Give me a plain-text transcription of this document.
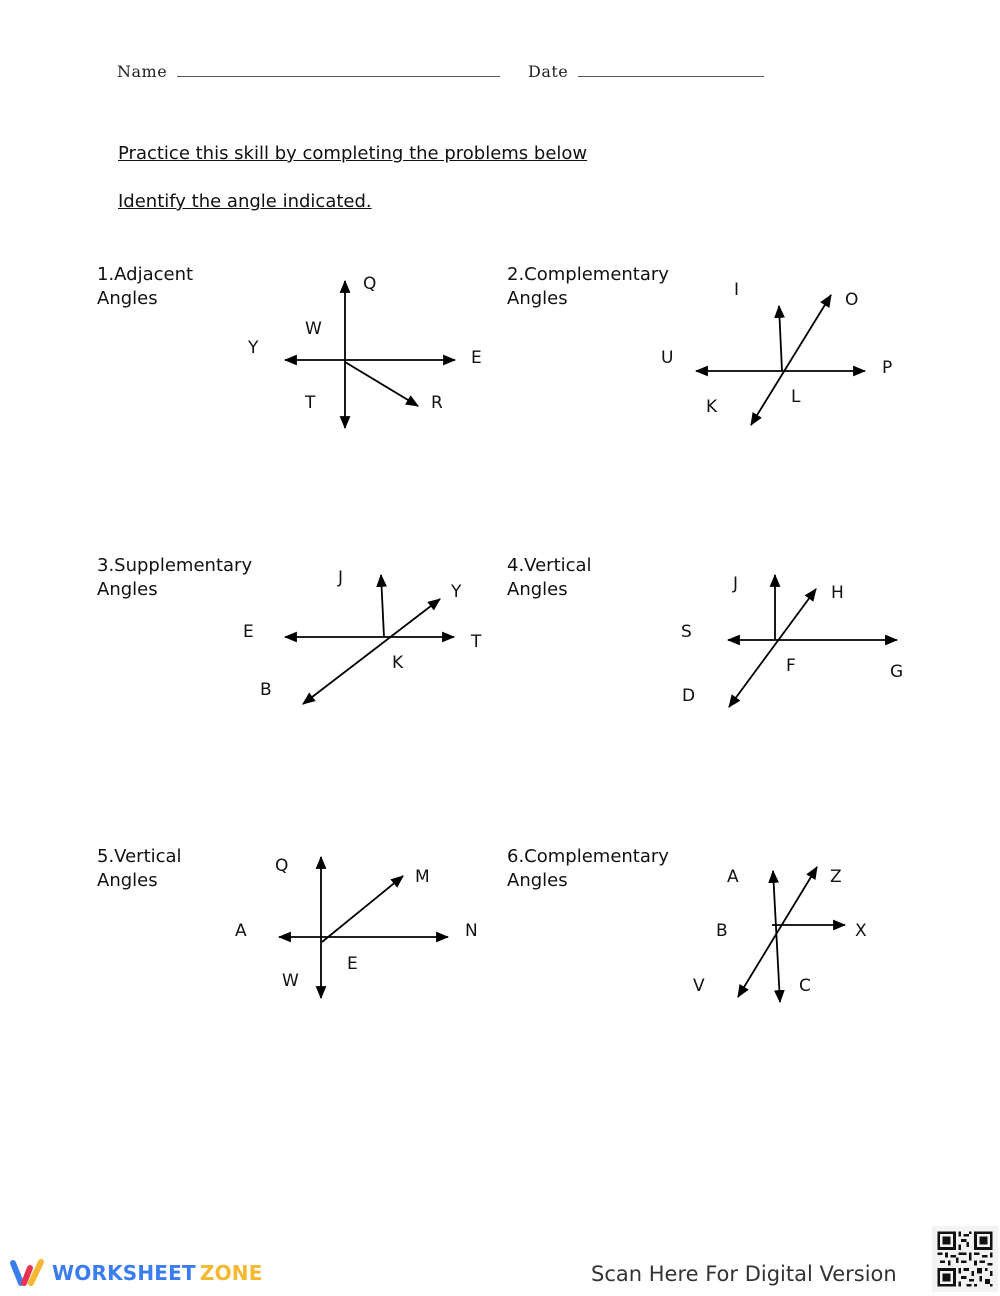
Name	Date
Practice this skill by completing the problems below
Identify the angle indicated.
1.Adjacent
Angles
2.Complementary
Angles
3.Supplementary
Angles
4.Vertical
Angles
5.Vertical
Angles
6.Complementary
Angles
Q
W
Y	E
T	R
I	O
U	P
K	L
J
Y
E	T
K
B
J	H
S
F	G
D
Q
M
A	N
E
W
A	Z
B	X
V	C
WORKSHEET ZONE	Scan Here For Digital Version
